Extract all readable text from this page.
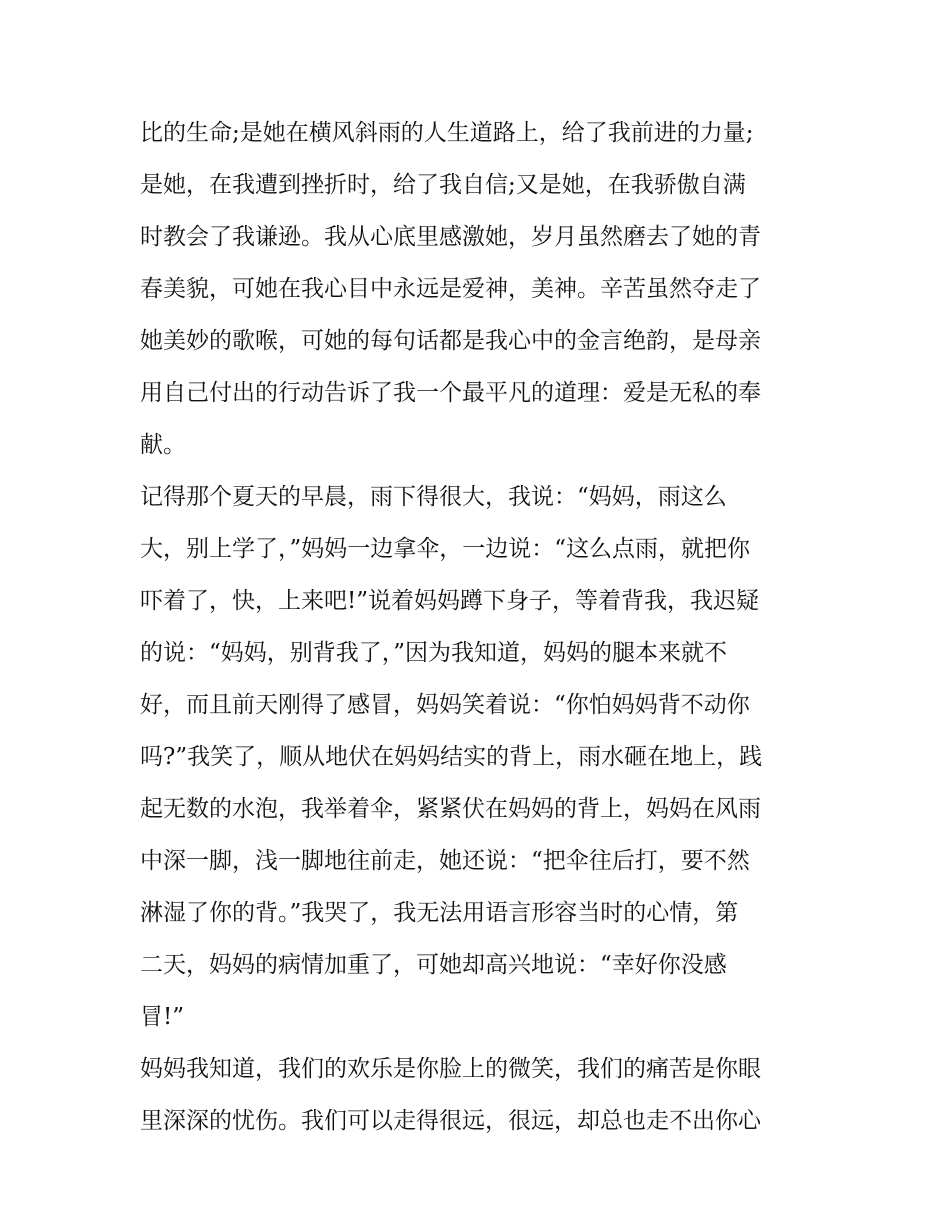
比的生命;是她在横风斜雨的人生道路上，给了我前进的力量;
是她，在我遭到挫折时，给了我自信;又是她，在我骄傲自满
时教会了我谦逊。我从心底里感激她，岁月虽然磨去了她的青
春美貌，可她在我心目中永远是爱神，美神。辛苦虽然夺走了
她美妙的歌喉，可她的每句话都是我心中的金言绝韵，是母亲
用自己付出的行动告诉了我一个最平凡的道理：爱是无私的奉
献。
记得那个夏天的早晨，雨下得很大，我说：“妈妈，雨这么
大，别上学了，”妈妈一边拿伞，一边说：“这么点雨，就把你
吓着了，快，上来吧!”说着妈妈蹲下身子，等着背我，我迟疑
的说：“妈妈，别背我了，”因为我知道，妈妈的腿本来就不
好，而且前天刚得了感冒，妈妈笑着说：“你怕妈妈背不动你
吗?”我笑了，顺从地伏在妈妈结实的背上，雨水砸在地上，践
起无数的水泡，我举着伞，紧紧伏在妈妈的背上，妈妈在风雨
中深一脚，浅一脚地往前走，她还说：“把伞往后打，要不然
淋湿了你的背。”我哭了，我无法用语言形容当时的心情，第
二天，妈妈的病情加重了，可她却高兴地说：“幸好你没感
冒!”
妈妈我知道，我们的欢乐是你脸上的微笑，我们的痛苦是你眼
里深深的忧伤。我们可以走得很远，很远，却总也走不出你心
